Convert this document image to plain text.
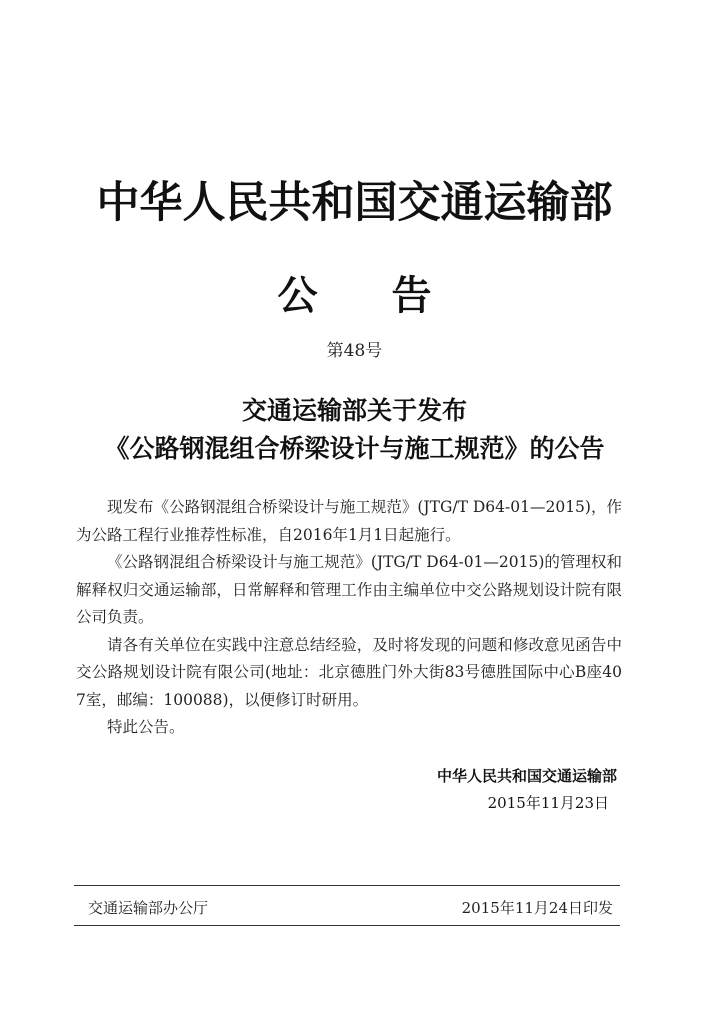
中华人民共和国交通运输部
公 告
第48号
交通运输部关于发布
《公路钢混组合桥梁设计与施工规范》的公告

现发布《公路钢混组合桥梁设计与施工规范》(JTG/T D64-01—2015)，作为公路工程行业推荐性标准，自2016年1月1日起施行。

《公路钢混组合桥梁设计与施工规范》(JTG/T D64-01—2015)的管理权和解释权归交通运输部，日常解释和管理工作由主编单位中交公路规划设计院有限公司负责。

请各有关单位在实践中注意总结经验，及时将发现的问题和修改意见函告中交公路规划设计院有限公司(地址：北京德胜门外大街83号德胜国际中心B座407室，邮编：100088)，以便修订时研用。

特此公告。

中华人民共和国交通运输部
2015年11月23日
交通运输部办公厅	2015年11月24日印发
